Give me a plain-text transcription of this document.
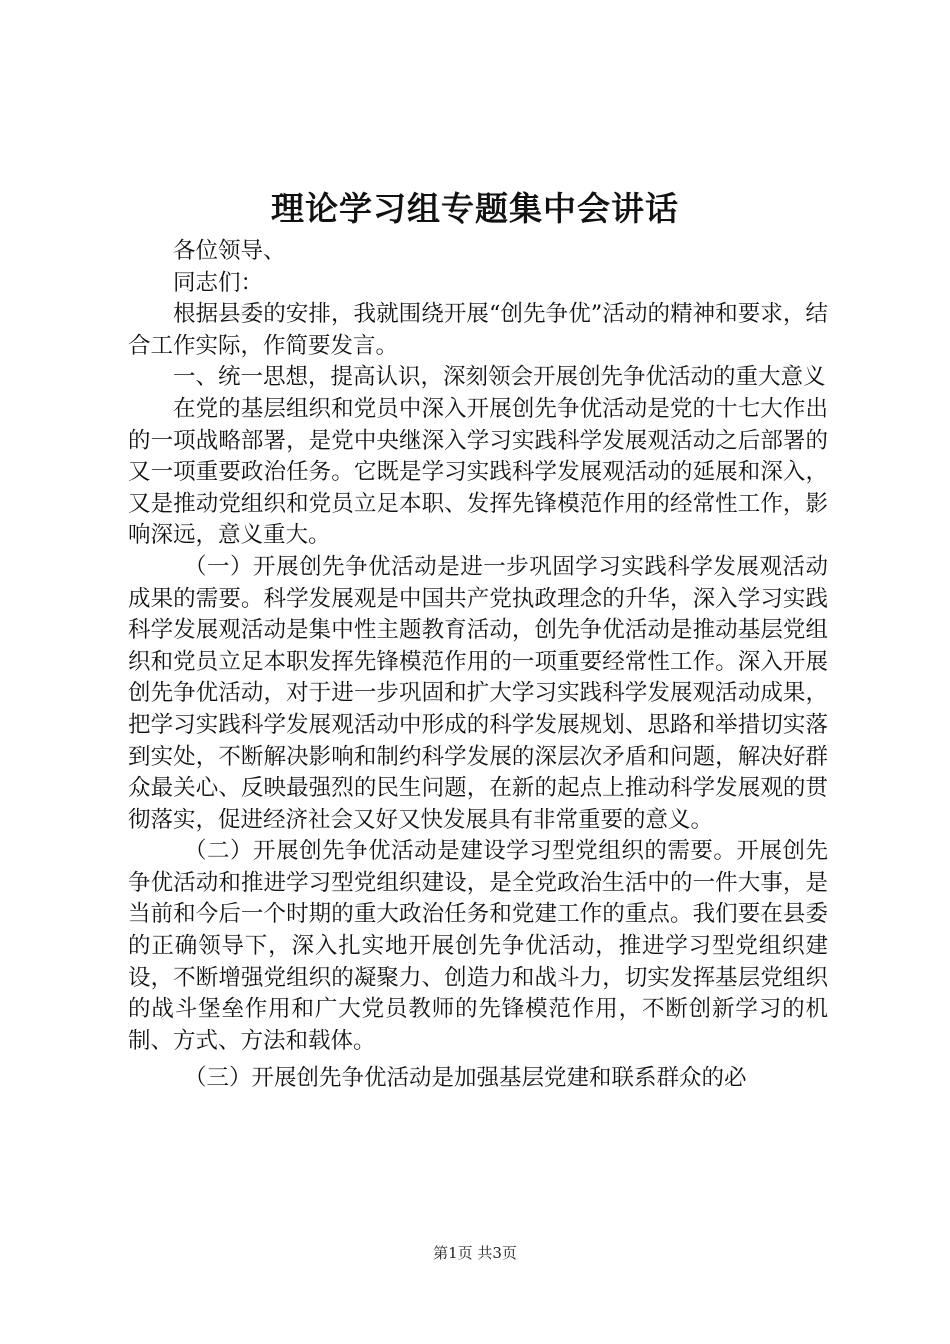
理论学习组专题集中会讲话

各位领导、

同志们：

根据县委的安排，我就围绕开展“创先争优”活动的精神和要求，结合工作实际，作简要发言。

一、统一思想，提高认识，深刻领会开展创先争优活动的重大意义

在党的基层组织和党员中深入开展创先争优活动是党的十七大作出的一项战略部署，是党中央继深入学习实践科学发展观活动之后部署的又一项重要政治任务。它既是学习实践科学发展观活动的延展和深入，又是推动党组织和党员立足本职、发挥先锋模范作用的经常性工作，影响深远，意义重大。

（一）开展创先争优活动是进一步巩固学习实践科学发展观活动成果的需要。科学发展观是中国共产党执政理念的升华，深入学习实践科学发展观活动是集中性主题教育活动，创先争优活动是推动基层党组织和党员立足本职发挥先锋模范作用的一项重要经常性工作。深入开展创先争优活动，对于进一步巩固和扩大学习实践科学发展观活动成果，把学习实践科学发展观活动中形成的科学发展规划、思路和举措切实落到实处，不断解决影响和制约科学发展的深层次矛盾和问题，解决好群众最关心、反映最强烈的民生问题，在新的起点上推动科学发展观的贯彻落实，促进经济社会又好又快发展具有非常重要的意义。

（二）开展创先争优活动是建设学习型党组织的需要。开展创先争优活动和推进学习型党组织建设，是全党政治生活中的一件大事，是当前和今后一个时期的重大政治任务和党建工作的重点。我们要在县委的正确领导下，深入扎实地开展创先争优活动，推进学习型党组织建设，不断增强党组织的凝聚力、创造力和战斗力，切实发挥基层党组织的战斗堡垒作用和广大党员教师的先锋模范作用，不断创新学习的机制、方式、方法和载体。

（三）开展创先争优活动是加强基层党建和联系群众的必

第1页 共3页
